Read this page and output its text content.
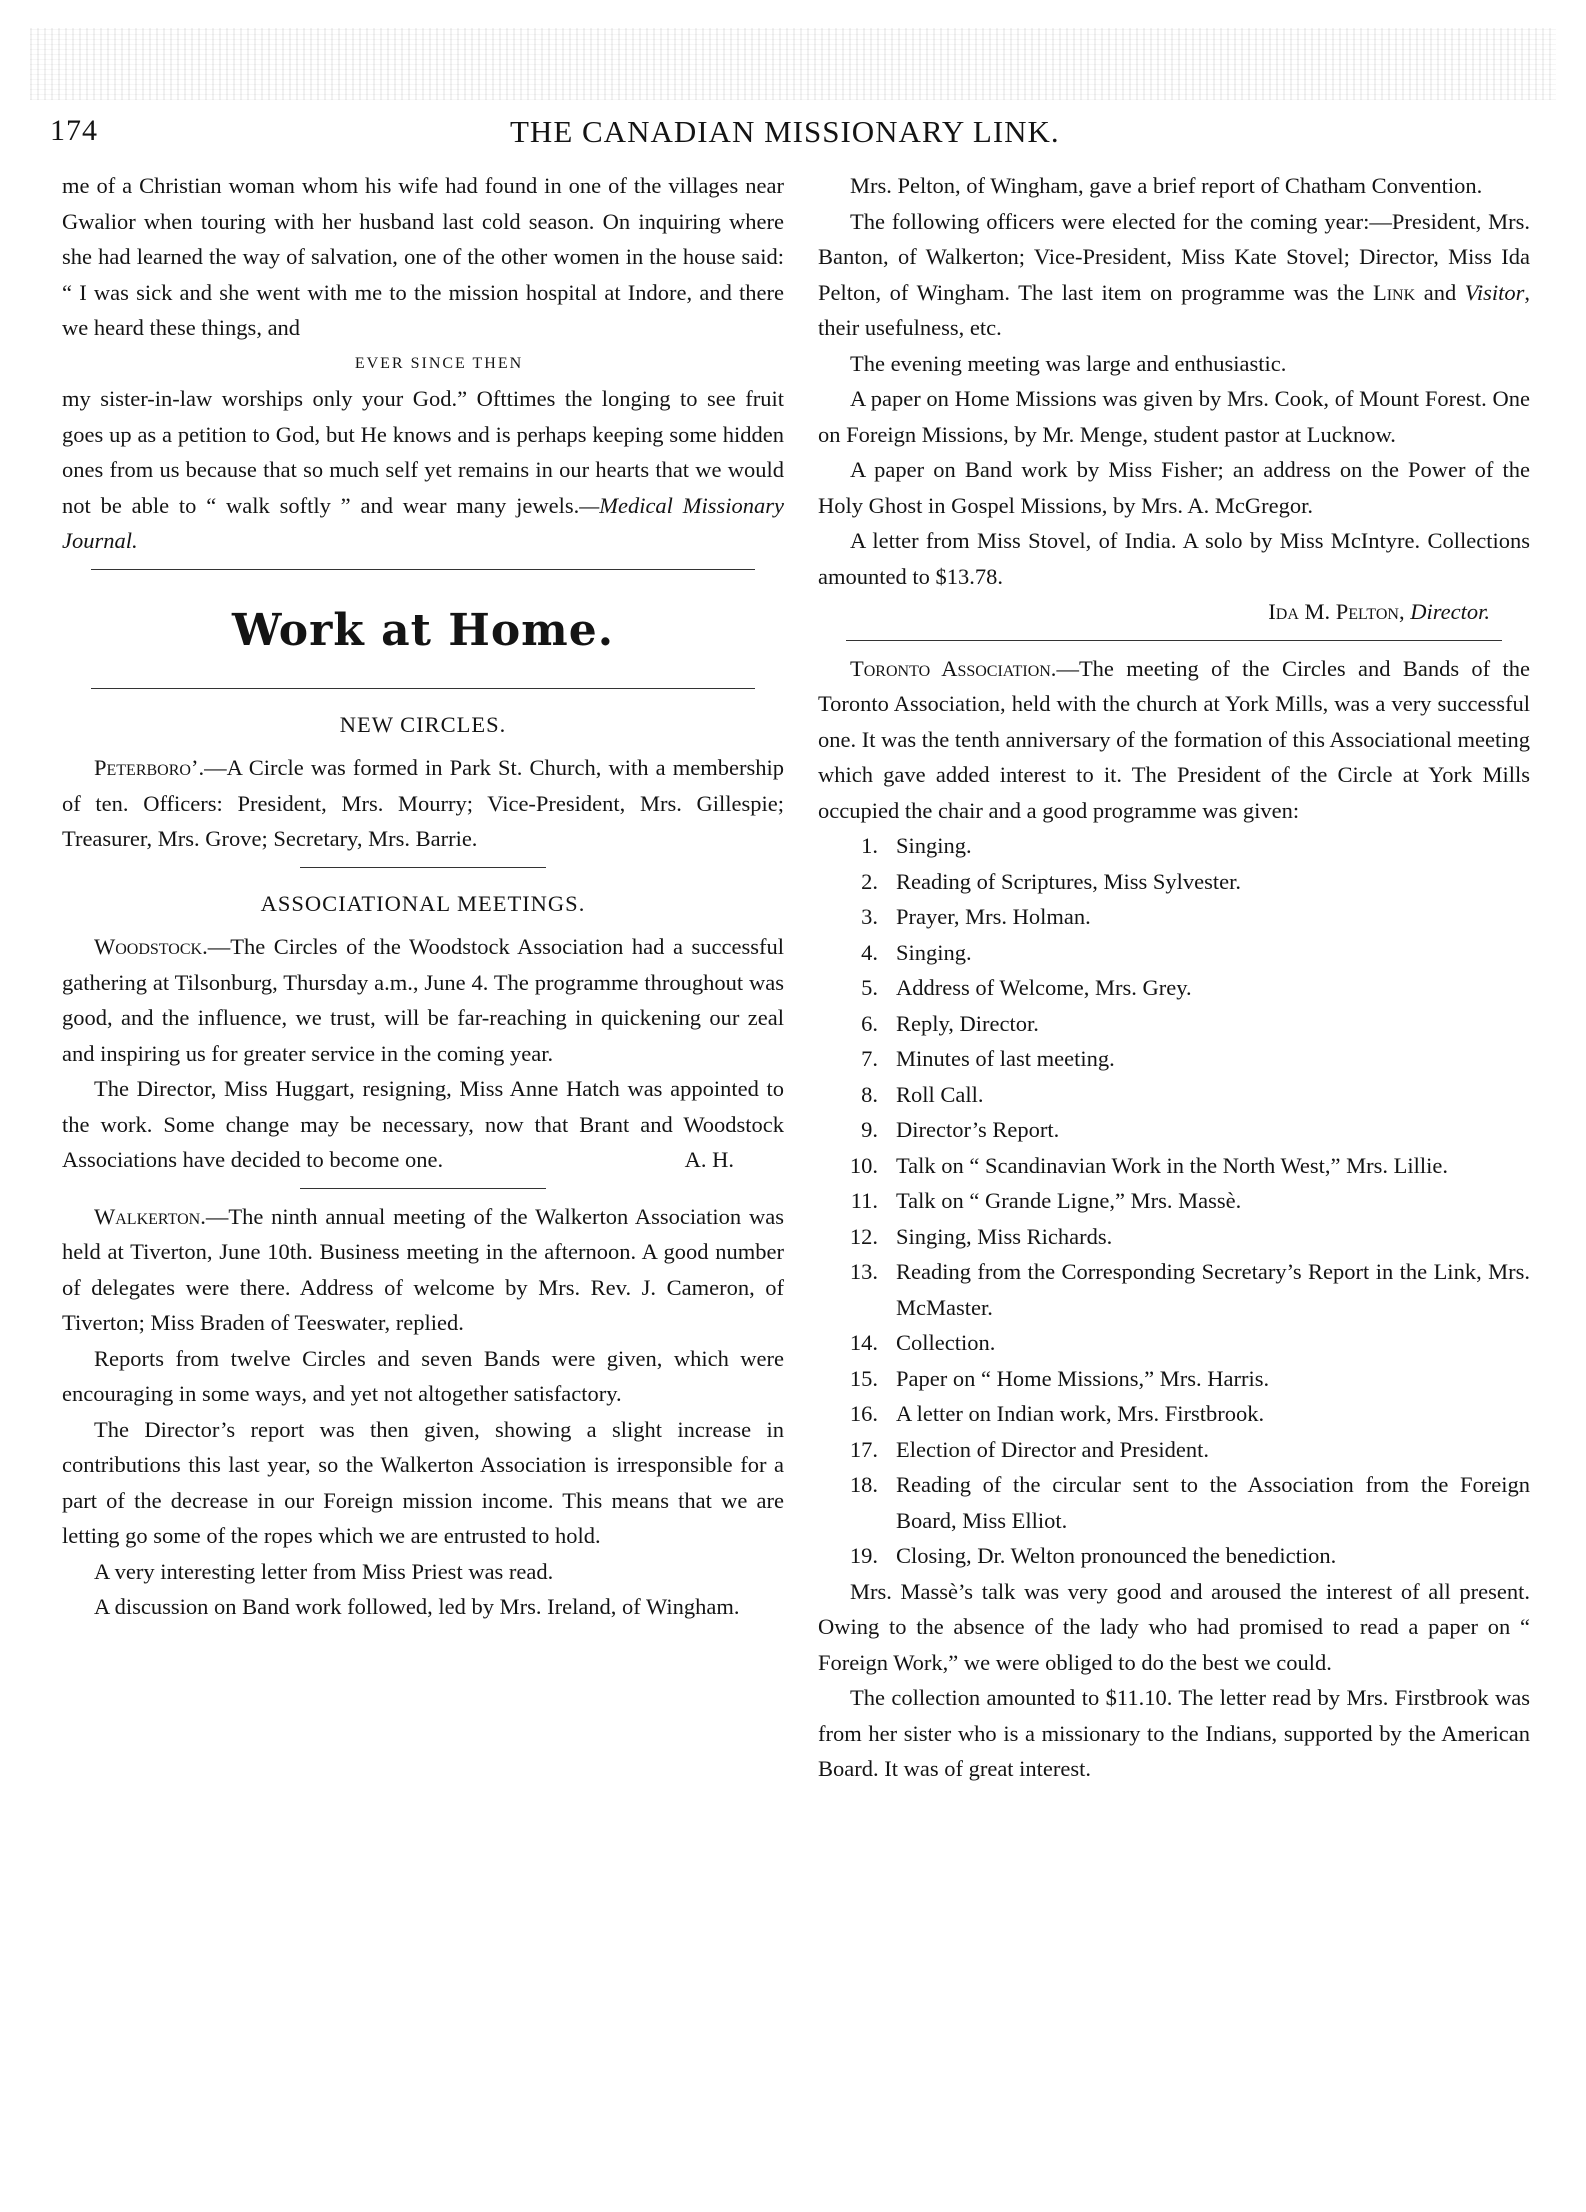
174	THE CANADIAN MISSIONARY LINK.

me of a Christian woman whom his wife had found in one of the villages near Gwalior when touring with her husband last cold season. On inquiring where she had learned the way of salvation, one of the other women in the house said: “ I was sick and she went with me to the mission hospital at Indore, and there we heard these things, and

EVER SINCE THEN

my sister-in-law worships only your God.” Ofttimes the longing to see fruit goes up as a petition to God, but He knows and is perhaps keeping some hidden ones from us because that so much self yet remains in our hearts that we would not be able to “ walk softly ” and wear many jewels.—Medical Missionary Journal.

Work at Home.
NEW CIRCLES.

Peterboro’.—A Circle was formed in Park St. Church, with a membership of ten. Officers: President, Mrs. Mourry; Vice-President, Mrs. Gillespie; Treasurer, Mrs. Grove; Secretary, Mrs. Barrie.

ASSOCIATIONAL MEETINGS.

Woodstock.—The Circles of the Woodstock Association had a successful gathering at Tilsonburg, Thursday a.m., June 4. The programme throughout was good, and the influence, we trust, will be far-reaching in quickening our zeal and inspiring us for greater service in the coming year.

The Director, Miss Huggart, resigning, Miss Anne Hatch was appointed to the work. Some change may be necessary, now that Brant and Woodstock Associations have decided to become one.	A. H.

Walkerton.—The ninth annual meeting of the Walkerton Association was held at Tiverton, June 10th. Business meeting in the afternoon. A good number of delegates were there. Address of welcome by Mrs. Rev. J. Cameron, of Tiverton; Miss Braden of Teeswater, replied.

Reports from twelve Circles and seven Bands were given, which were encouraging in some ways, and yet not altogether satisfactory.

The Director’s report was then given, showing a slight increase in contributions this last year, so the Walkerton Association is irresponsible for a part of the decrease in our Foreign mission income. This means that we are letting go some of the ropes which we are entrusted to hold.

A very interesting letter from Miss Priest was read.

A discussion on Band work followed, led by Mrs. Ireland, of Wingham.

Mrs. Pelton, of Wingham, gave a brief report of Chatham Convention.

The following officers were elected for the coming year:—President, Mrs. Banton, of Walkerton; Vice-President, Miss Kate Stovel; Director, Miss Ida Pelton, of Wingham. The last item on programme was the Link and Visitor, their usefulness, etc.

The evening meeting was large and enthusiastic.

A paper on Home Missions was given by Mrs. Cook, of Mount Forest. One on Foreign Missions, by Mr. Menge, student pastor at Lucknow.

A paper on Band work by Miss Fisher; an address on the Power of the Holy Ghost in Gospel Missions, by Mrs. A. McGregor.

A letter from Miss Stovel, of India. A solo by Miss McIntyre. Collections amounted to $13.78.

Ida M. Pelton, Director.

Toronto Association.—The meeting of the Circles and Bands of the Toronto Association, held with the church at York Mills, was a very successful one. It was the tenth anniversary of the formation of this Associational meeting which gave added interest to it. The President of the Circle at York Mills occupied the chair and a good programme was given:

1. Singing.
2. Reading of Scriptures, Miss Sylvester.
3. Prayer, Mrs. Holman.
4. Singing.
5. Address of Welcome, Mrs. Grey.
6. Reply, Director.
7. Minutes of last meeting.
8. Roll Call.
9. Director’s Report.
10. Talk on “ Scandinavian Work in the North West,” Mrs. Lillie.
11. Talk on “ Grande Ligne,” Mrs. Massè.
12. Singing, Miss Richards.
13. Reading from the Corresponding Secretary’s Report in the Link, Mrs. McMaster.
14. Collection.
15. Paper on “ Home Missions,” Mrs. Harris.
16. A letter on Indian work, Mrs. Firstbrook.
17. Election of Director and President.
18. Reading of the circular sent to the Association from the Foreign Board, Miss Elliot.
19. Closing, Dr. Welton pronounced the benediction.

Mrs. Massè’s talk was very good and aroused the interest of all present. Owing to the absence of the lady who had promised to read a paper on “ Foreign Work,” we were obliged to do the best we could.

The collection amounted to $11.10. The letter read by Mrs. Firstbrook was from her sister who is a missionary to the Indians, supported by the American Board. It was of great interest.
